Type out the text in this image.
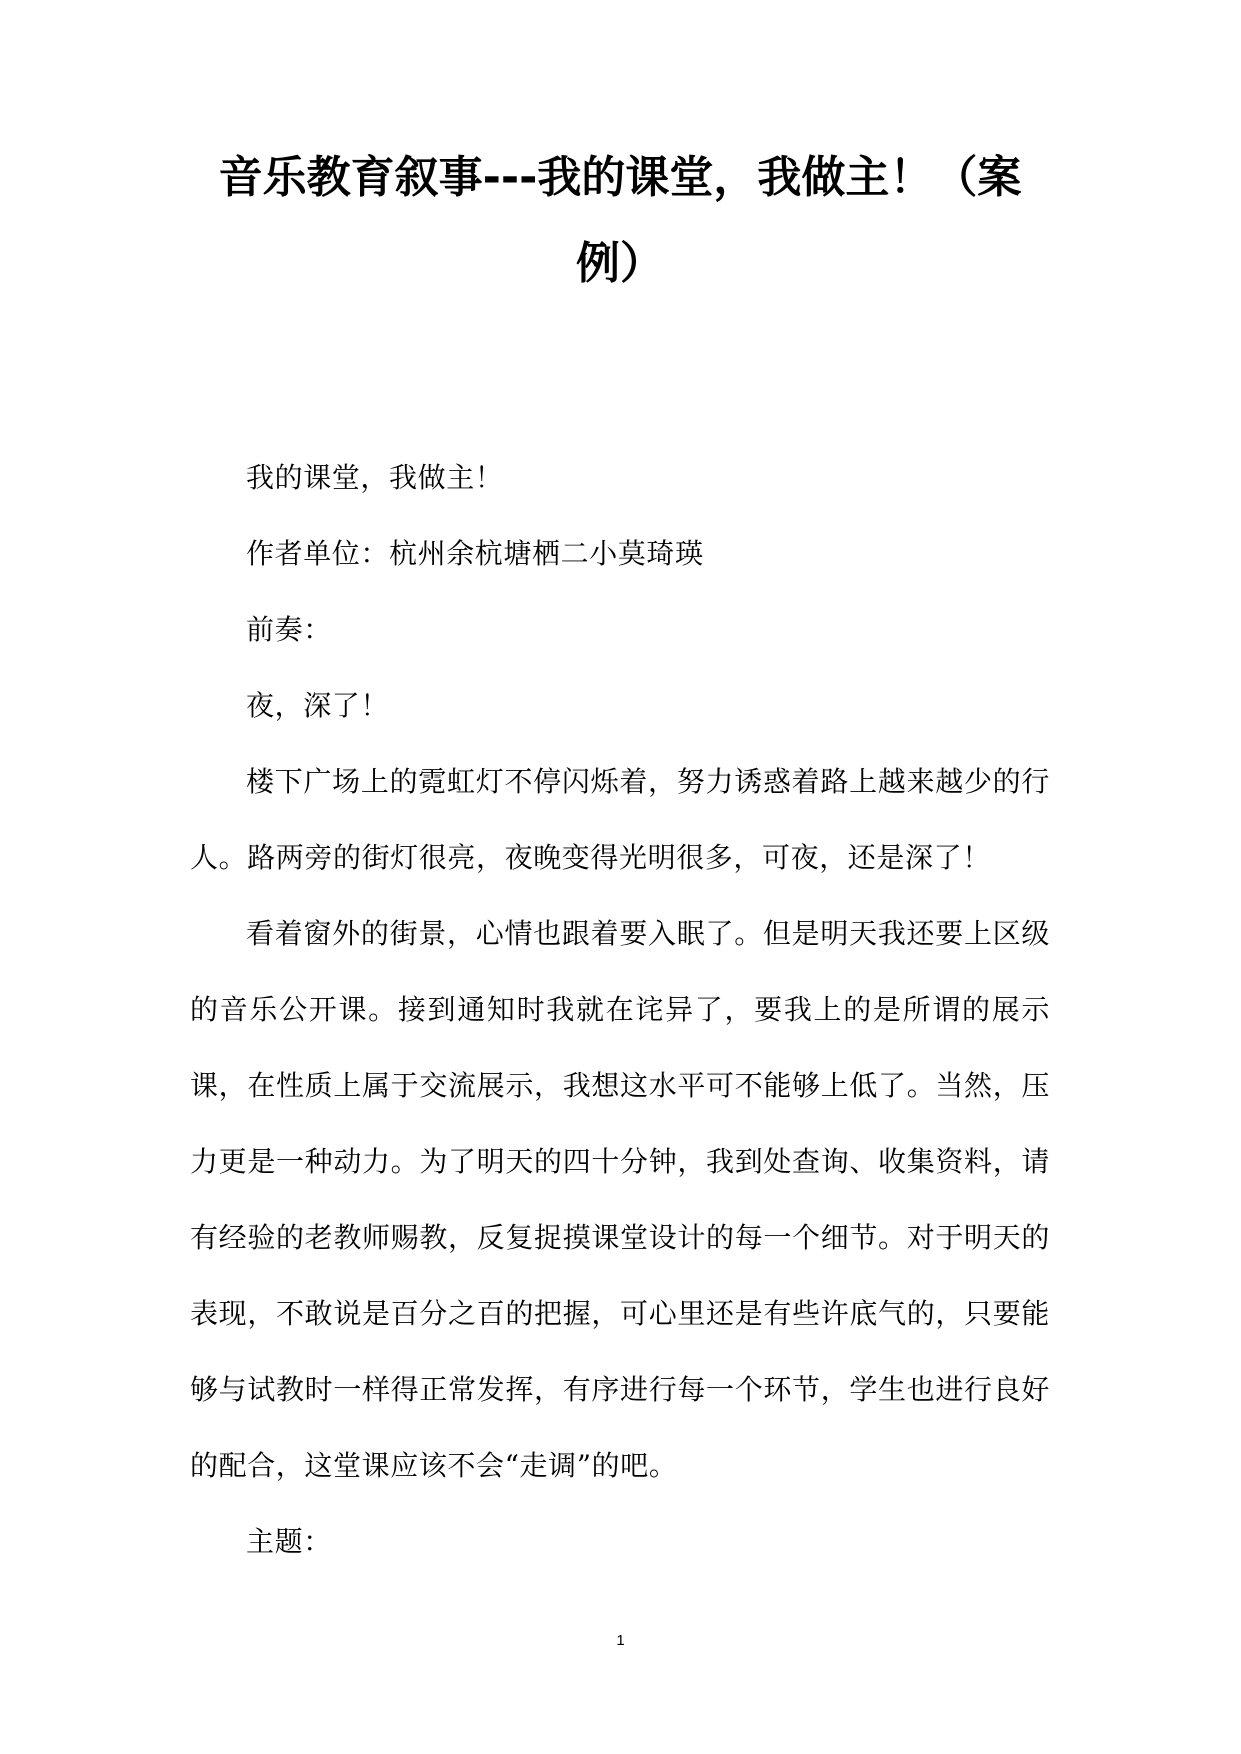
音乐教育叙事---我的课堂，我做主！（案
例）

我的课堂，我做主！

作者单位：杭州余杭塘栖二小莫琦瑛

前奏：

夜，深了！

楼下广场上的霓虹灯不停闪烁着，努力诱惑着路上越来越少的行人。路两旁的街灯很亮，夜晚变得光明很多，可夜，还是深了！

看着窗外的街景，心情也跟着要入眠了。但是明天我还要上区级的音乐公开课。接到通知时我就在诧异了，要我上的是所谓的展示课，在性质上属于交流展示，我想这水平可不能够上低了。当然，压力更是一种动力。为了明天的四十分钟，我到处查询、收集资料，请有经验的老教师赐教，反复捉摸课堂设计的每一个细节。对于明天的表现，不敢说是百分之百的把握，可心里还是有些许底气的，只要能够与试教时一样得正常发挥，有序进行每一个环节，学生也进行良好的配合，这堂课应该不会“走调”的吧。

主题：

1
